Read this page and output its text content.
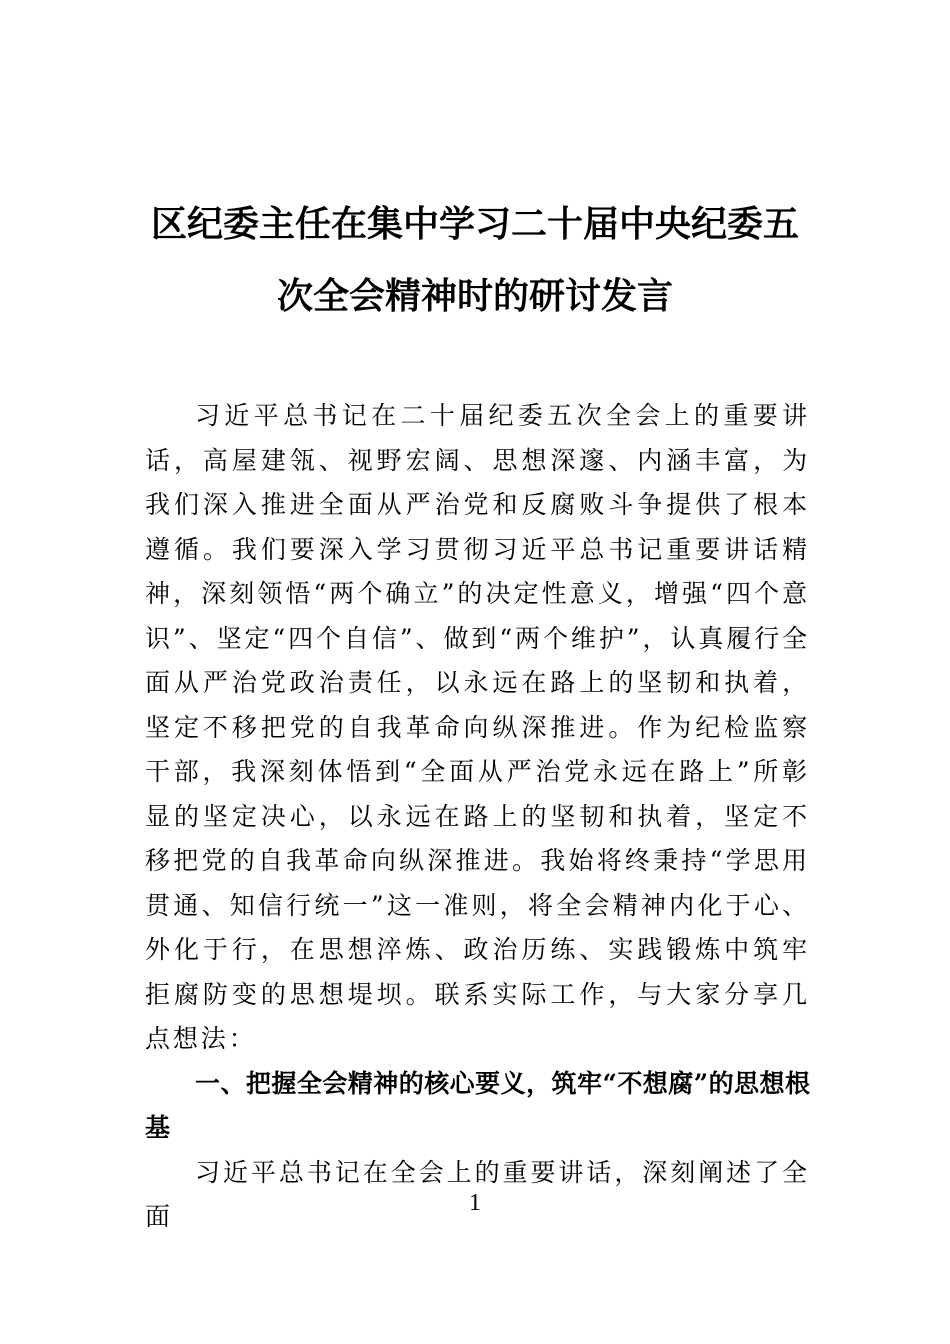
区纪委主任在集中学习二十届中央纪委五
次全会精神时的研讨发言

习近平总书记在二十届纪委五次全会上的重要讲话，高屋建瓴、视野宏阔、思想深邃、内涵丰富，为我们深入推进全面从严治党和反腐败斗争提供了根本遵循。我们要深入学习贯彻习近平总书记重要讲话精神，深刻领悟“两个确立”的决定性意义，增强“四个意识”、坚定“四个自信”、做到“两个维护”，认真履行全面从严治党政治责任，以永远在路上的坚韧和执着，坚定不移把党的自我革命向纵深推进。作为纪检监察干部，我深刻体悟到“全面从严治党永远在路上”所彰显的坚定决心，以永远在路上的坚韧和执着，坚定不移把党的自我革命向纵深推进。我始将终秉持“学思用贯通、知信行统一”这一准则，将全会精神内化于心、外化于行，在思想淬炼、政治历练、实践锻炼中筑牢拒腐防变的思想堤坝。联系实际工作，与大家分享几点想法：

一、把握全会精神的核心要义，筑牢“不想腐”的思想根基

习近平总书记在全会上的重要讲话，深刻阐述了全面	1
